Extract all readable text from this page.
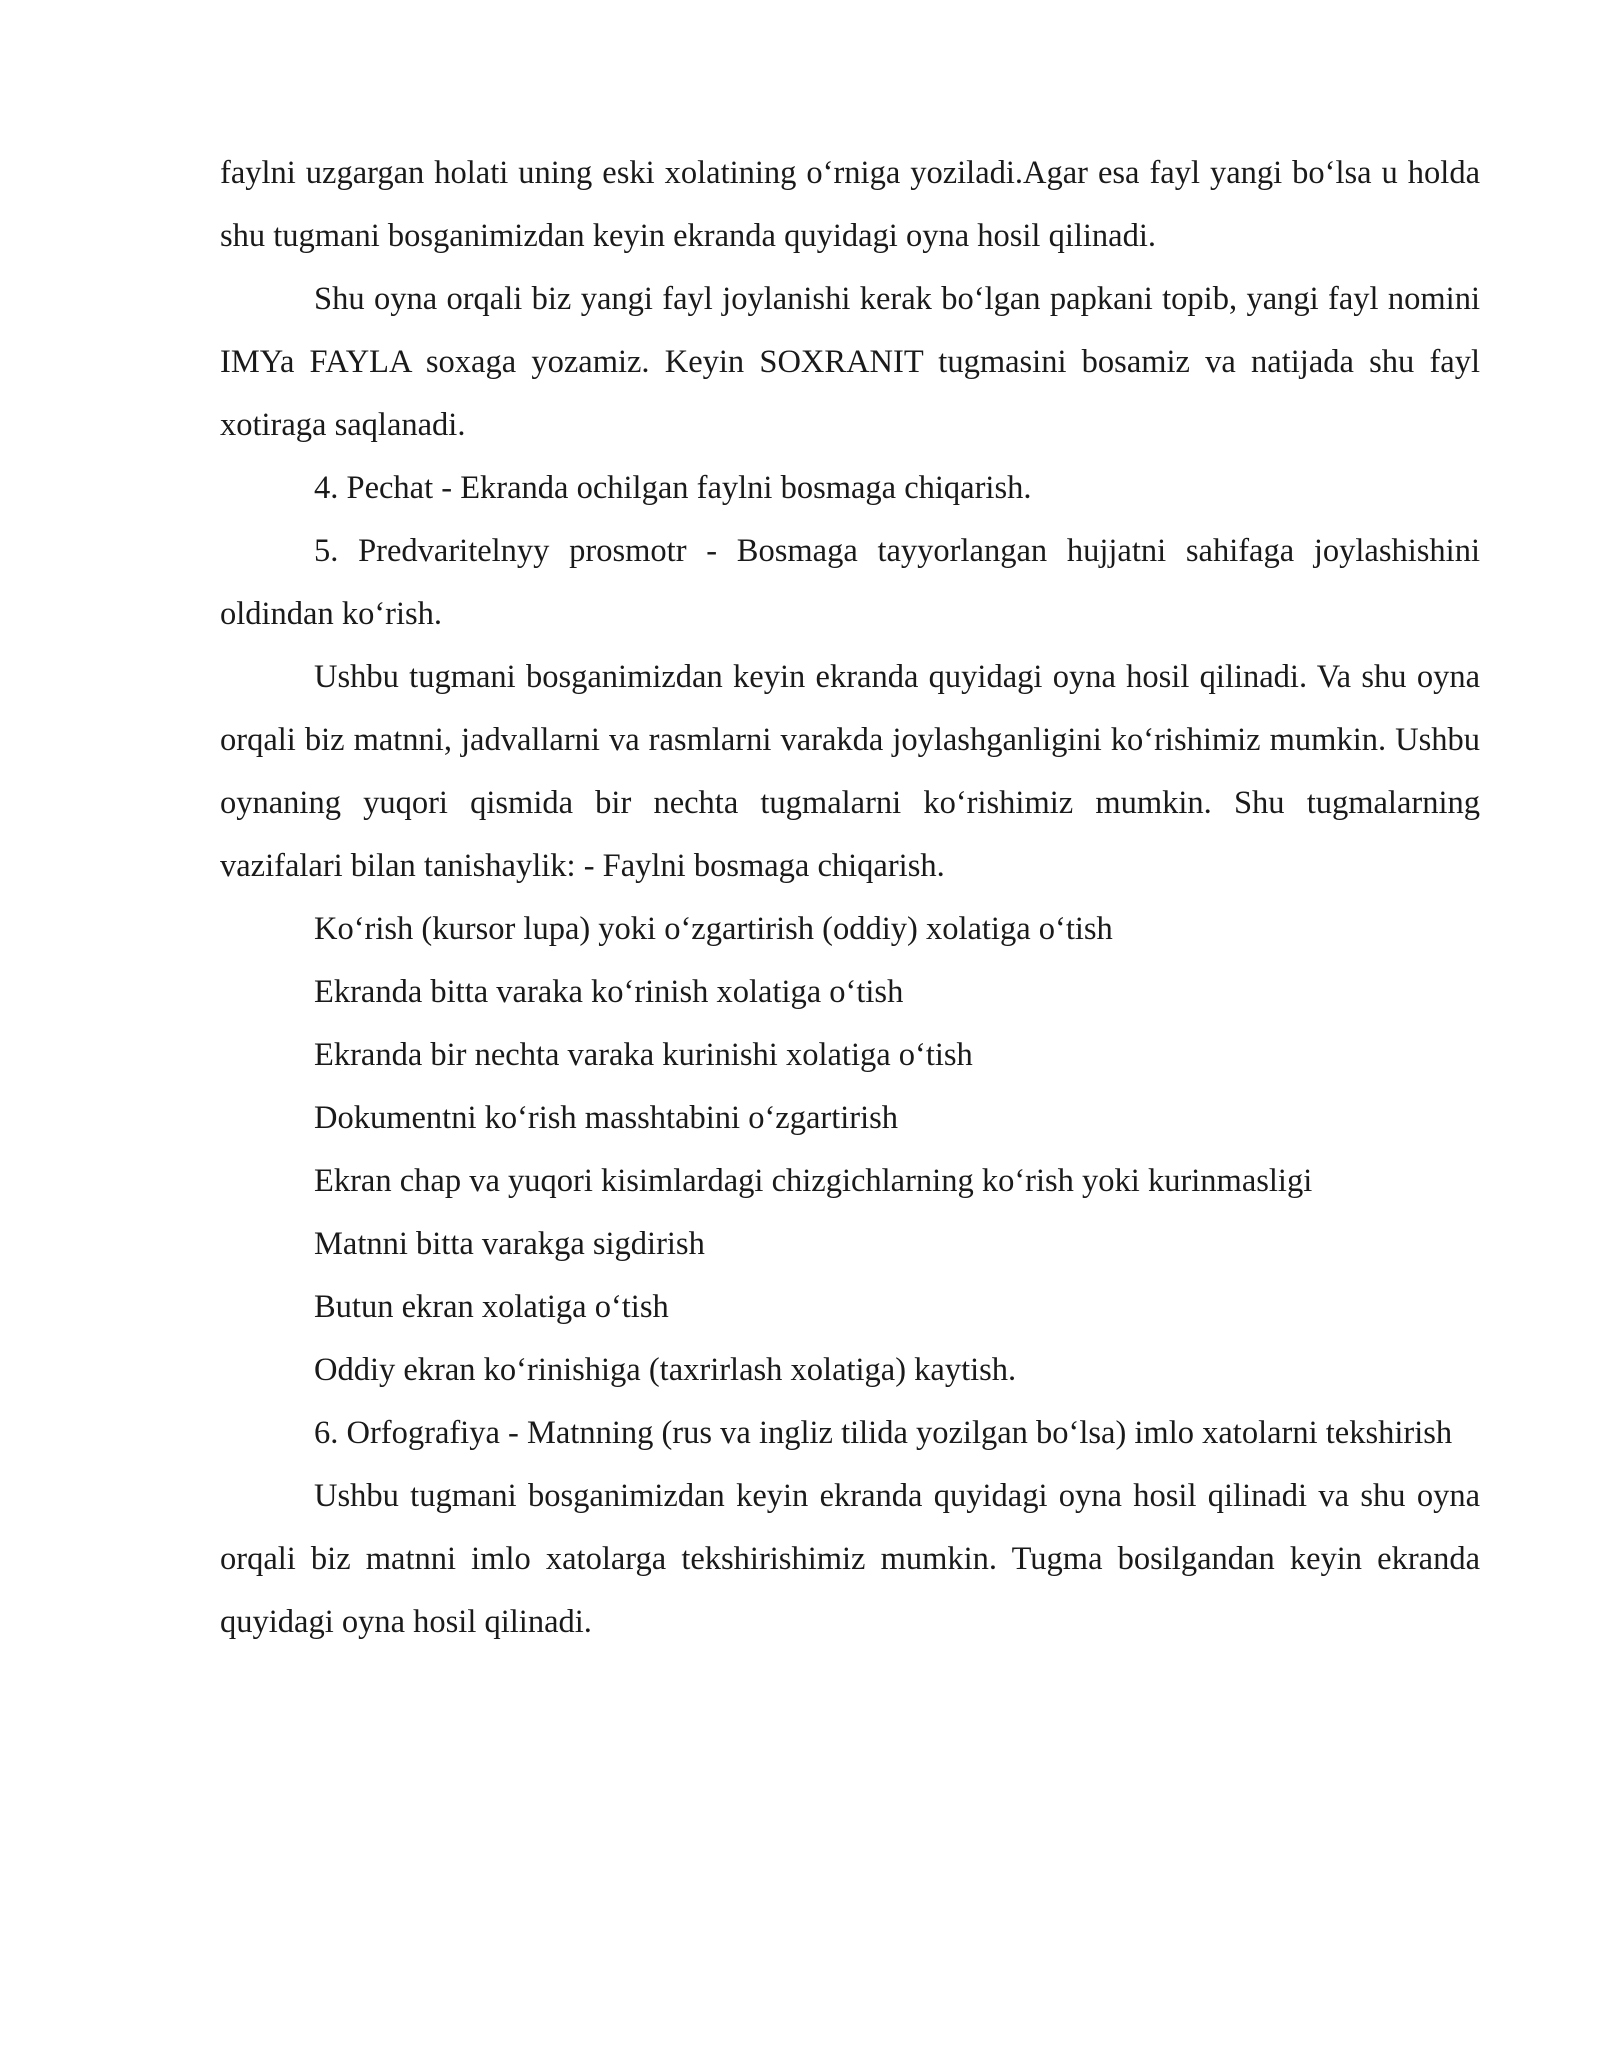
faylni uzgargan holati uning eski xolatining o‘rniga yoziladi.Agar esa fayl yangi bo‘lsa u holda shu tugmani bosganimizdan keyin ekranda quyidagi oyna hosil qilinadi.

Shu oyna orqali biz yangi fayl joylanishi kerak bo‘lgan papkani topib, yangi fayl nomini IMYa FAYLA soxaga yozamiz. Keyin SOXRANIT tugmasini bosamiz va natijada shu fayl xotiraga saqlanadi.

4. Pechat - Ekranda ochilgan faylni bosmaga chiqarish.

5. Predvaritelnyy prosmotr - Bosmaga tayyorlangan hujjatni sahifaga joylashishini oldindan ko‘rish.

Ushbu tugmani bosganimizdan keyin ekranda quyidagi oyna hosil qilinadi. Va shu oyna orqali biz matnni, jadvallarni va rasmlarni varakda joylashganligini ko‘rishimiz mumkin. Ushbu oynaning yuqori qismida bir nechta tugmalarni ko‘rishimiz mumkin. Shu tugmalarning vazifalari bilan tanishaylik: - Faylni bosmaga chiqarish.

Ko‘rish (kursor lupa) yoki o‘zgartirish (oddiy) xolatiga o‘tish

Ekranda bitta varaka ko‘rinish xolatiga o‘tish

Ekranda bir nechta varaka kurinishi xolatiga o‘tish

Dokumentni ko‘rish masshtabini o‘zgartirish

Ekran chap va yuqori kisimlardagi chizgichlarning ko‘rish yoki kurinmasligi

Matnni bitta varakga sigdirish

Butun ekran xolatiga o‘tish

Oddiy ekran ko‘rinishiga (taxrirlash xolatiga) kaytish.

6. Orfografiya - Matnning (rus va ingliz tilida yozilgan bo‘lsa) imlo xatolarni tekshirish

Ushbu tugmani bosganimizdan keyin ekranda quyidagi oyna hosil qilinadi va shu oyna orqali biz matnni imlo xatolarga tekshirishimiz mumkin. Tugma bosilgandan keyin ekranda quyidagi oyna hosil qilinadi.
